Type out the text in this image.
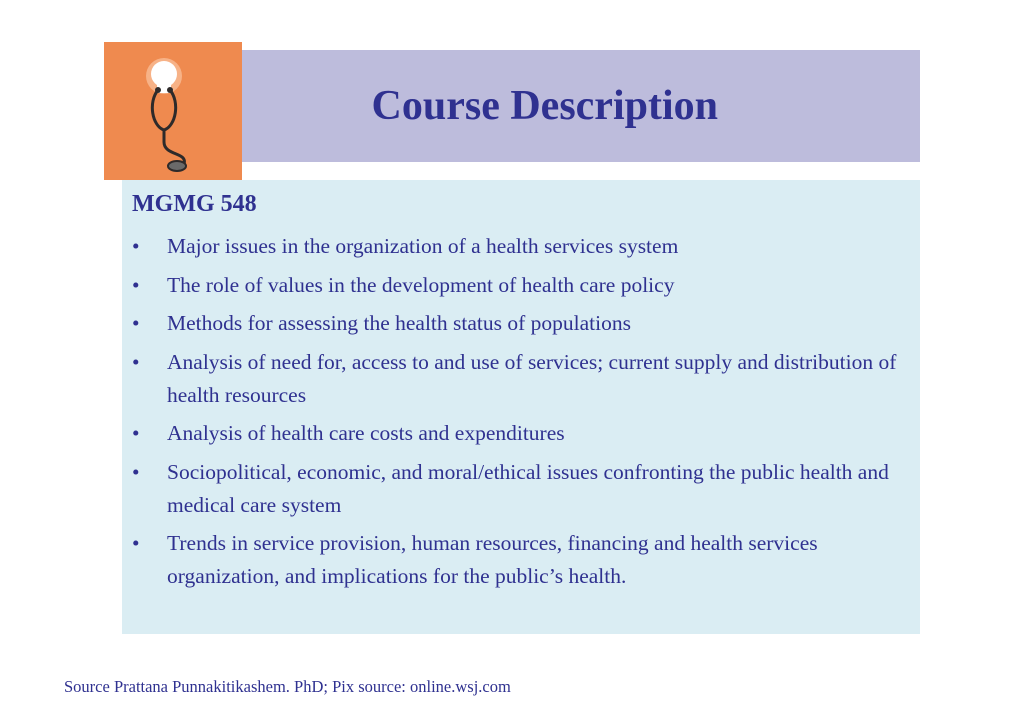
Course Description
MGMG 548
• Major issues in the organization of a health services system
• The role of values in the development of health care policy
• Methods for assessing the health status of populations
• Analysis of need for, access to and use of services; current supply and distribution of health resources
• Analysis of health care costs and expenditures
• Sociopolitical, economic, and moral/ethical issues confronting the public health and medical care system
• Trends in service provision, human resources, financing and health services organization, and implications for the public’s health.

Source Prattana Punnakitikashem. PhD; Pix source: online.wsj.com
